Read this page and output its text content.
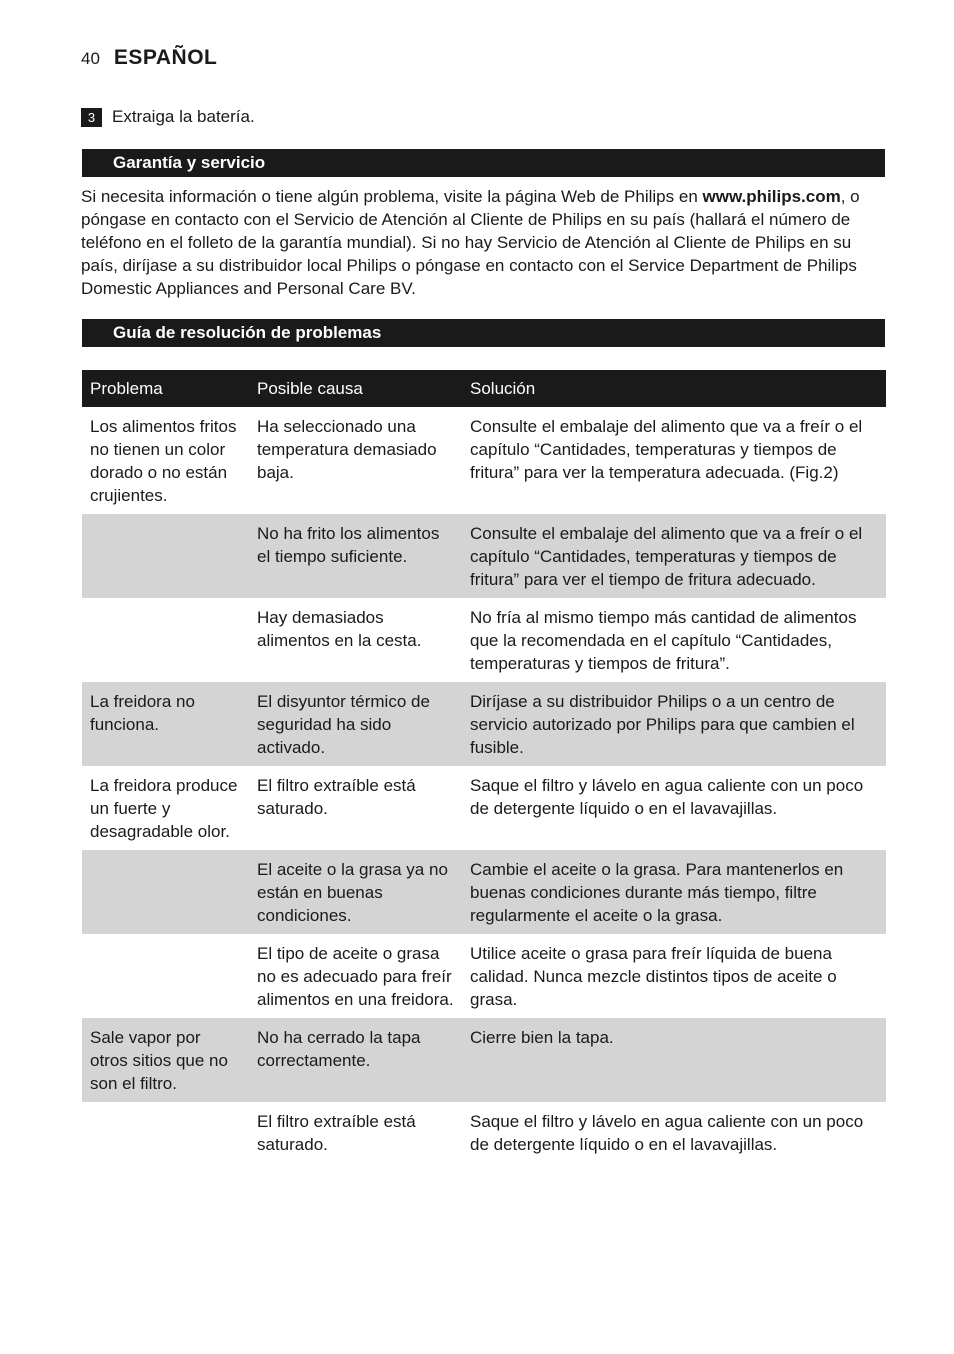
40 ESPAÑOL
3 Extraiga la batería.
Garantía y servicio

Si necesita información o tiene algún problema, visite la página Web de Philips en www.philips.com, o póngase en contacto con el Servicio de Atención al Cliente de Philips en su país (hallará el número de teléfono en el folleto de la garantía mundial). Si no hay Servicio de Atención al Cliente de Philips en su país, diríjase a su distribuidor local Philips o póngase en contacto con el Service Department de Philips Domestic Appliances and Personal Care BV.

Guía de resolución de problemas
Problema	Posible causa	Solución
Los alimentos fritos no tienen un color dorado o no están crujientes.	Ha seleccionado una temperatura demasiado baja.	Consulte el embalaje del alimento que va a freír o el capítulo “Cantidades, temperaturas y tiempos de fritura” para ver la temperatura adecuada. (Fig.2)
	No ha frito los alimentos el tiempo suficiente.	Consulte el embalaje del alimento que va a freír o el capítulo “Cantidades, temperaturas y tiempos de fritura” para ver el tiempo de fritura adecuado.
	Hay demasiados alimentos en la cesta.	No fría al mismo tiempo más cantidad de alimentos que la recomendada en el capítulo “Cantidades, temperaturas y tiempos de fritura”.
La freidora no funciona.	El disyuntor térmico de seguridad ha sido activado.	Diríjase a su distribuidor Philips o a un centro de servicio autorizado por Philips para que cambien el fusible.
La freidora produce un fuerte y desagradable olor.	El filtro extraíble está saturado.	Saque el filtro y lávelo en agua caliente con un poco de detergente líquido o en el lavavajillas.
	El aceite o la grasa ya no están en buenas condiciones.	Cambie el aceite o la grasa. Para mantenerlos en buenas condiciones durante más tiempo, filtre regularmente el aceite o la grasa.
	El tipo de aceite o grasa no es adecuado para freír alimentos en una freidora.	Utilice aceite o grasa para freír líquida de buena calidad. Nunca mezcle distintos tipos de aceite o grasa.
Sale vapor por otros sitios que no son el filtro.	No ha cerrado la tapa correctamente.	Cierre bien la tapa.
	El filtro extraíble está saturado.	Saque el filtro y lávelo en agua caliente con un poco de detergente líquido o en el lavavajillas.
